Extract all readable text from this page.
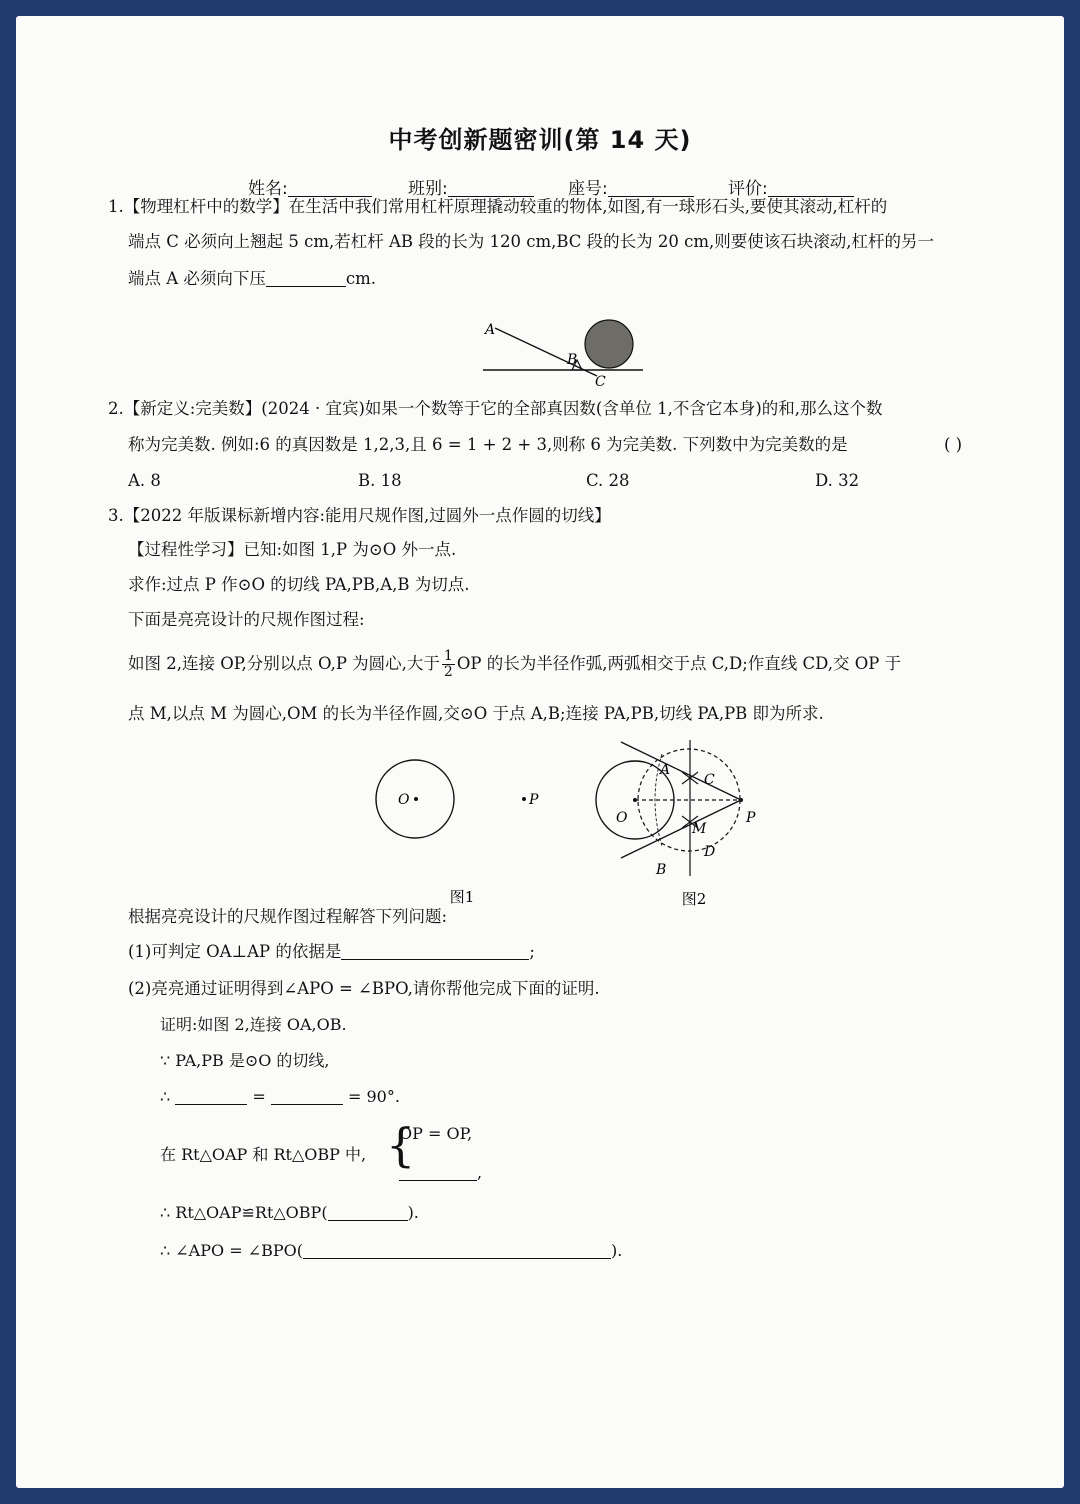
中考创新题密训(第 14 天)
姓名:	班别:	座号:	评价:
1.【物理杠杆中的数学】在生活中我们常用杠杆原理撬动较重的物体,如图,有一球形石头,要使其滚动,杠杆的
端点 C 必须向上翘起 5 cm,若杠杆 AB 段的长为 120 cm,BC 段的长为 20 cm,则要使该石块滚动,杠杆的另一
端点 A 必须向下压	cm.
A
B
C
2.【新定义:完美数】(2024 · 宜宾)如果一个数等于它的全部真因数(含单位 1,不含它本身)的和,那么这个数
称为完美数. 例如:6 的真因数是 1,2,3,且 6 = 1 + 2 + 3,则称 6 为完美数. 下列数中为完美数的是	( )
A. 8	B. 18	C. 28	D. 32
3.【2022 年版课标新增内容:能用尺规作图,过圆外一点作圆的切线】
【过程性学习】已知:如图 1,P 为⊙O 外一点.
求作:过点 P 作⊙O 的切线 PA,PB,A,B 为切点.
下面是亮亮设计的尺规作图过程:
如图 2,连接 OP,分别以点 O,P 为圆心,大于 $\frac{1}{2}$ OP 的长为半径作弧,两弧相交于点 C,D;作直线 CD,交 OP 于
点 M,以点 M 为圆心,OM 的长为半径作圆,交⊙O 于点 A,B;连接 PA,PB,切线 PA,PB 即为所求.
O	P
图1
A
B
C
D
O
M
P
图2
根据亮亮设计的尺规作图过程解答下列问题:
(1)可判定 OA⊥AP 的依据是	;
(2)亮亮通过证明得到∠APO = ∠BPO,请你帮他完成下面的证明.
证明:如图 2,连接 OA,OB.
∵ PA,PB 是⊙O 的切线,
∴	=	= 90°.
在 Rt△OAP 和 Rt△OBP 中, {
OP = OP,
,
∴ Rt△OAP≌Rt△OBP(	).
∴ ∠APO = ∠BPO(	).
